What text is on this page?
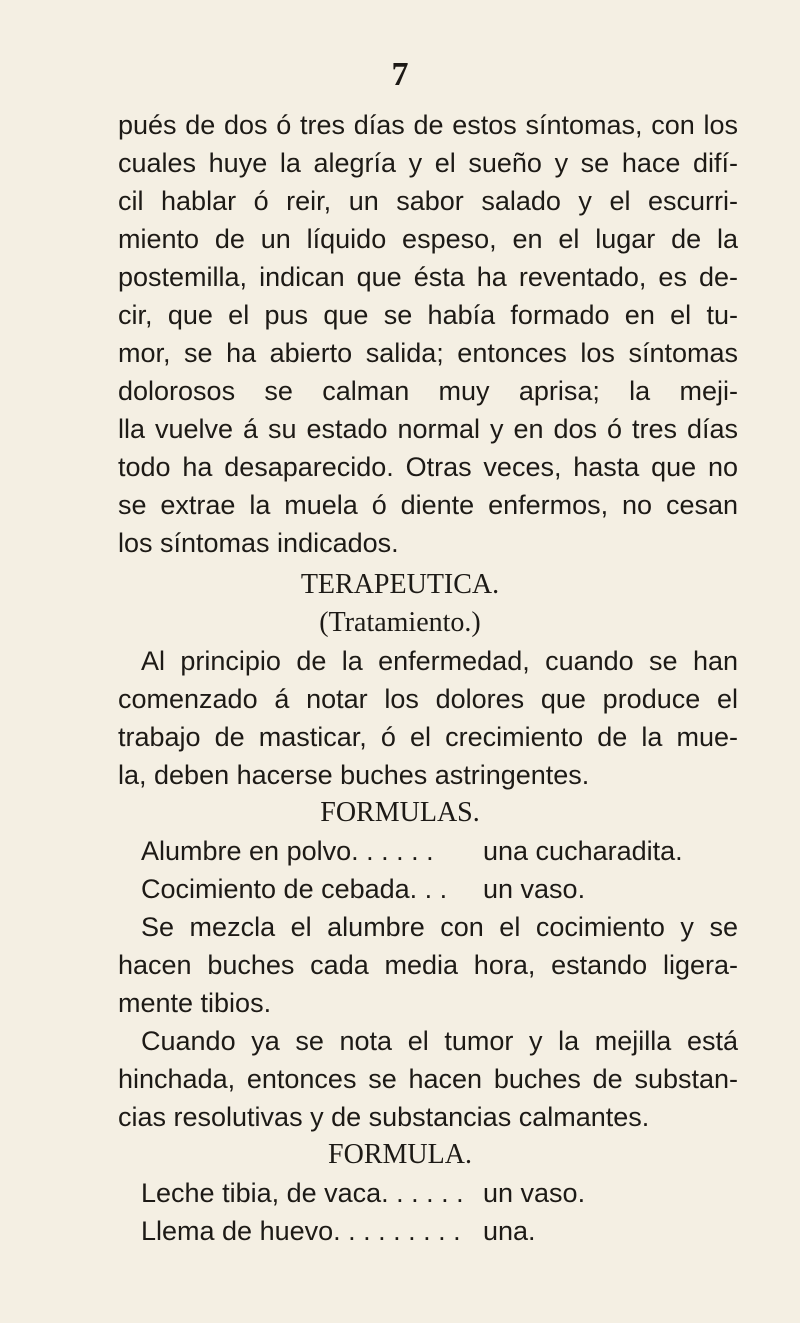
7
pués de dos ó tres días de estos síntomas, con los
cuales huye la alegría y el sueño y se hace difí-
cil hablar ó reir, un sabor salado y el escurri-
miento de un líquido espeso, en el lugar de la
postemilla, indican que ésta ha reventado, es de-
cir, que el pus que se había formado en el tu-
mor, se ha abierto salida; entonces los síntomas
dolorosos se calman muy aprisa; la meji-
lla vuelve á su estado normal y en dos ó tres días
todo ha desaparecido. Otras veces, hasta que no
se extrae la muela ó diente enfermos, no cesan
los síntomas indicados.
TERAPEUTICA.
(Tratamiento.)
Al principio de la enfermedad, cuando se han
comenzado á notar los dolores que produce el
trabajo de masticar, ó el crecimiento de la mue-
la, deben hacerse buches astringentes.
FORMULAS.
Alumbre en polvo. . . . . . una cucharadita.
Cocimiento de cebada. . . un vaso.
Se mezcla el alumbre con el cocimiento y se
hacen buches cada media hora, estando ligera-
mente tibios.
Cuando ya se nota el tumor y la mejilla está
hinchada, entonces se hacen buches de substan-
cias resolutivas y de substancias calmantes.
FORMULA.
Leche tibia, de vaca. . . . . . un vaso.
Llema de huevo. . . . . . . . . una.
